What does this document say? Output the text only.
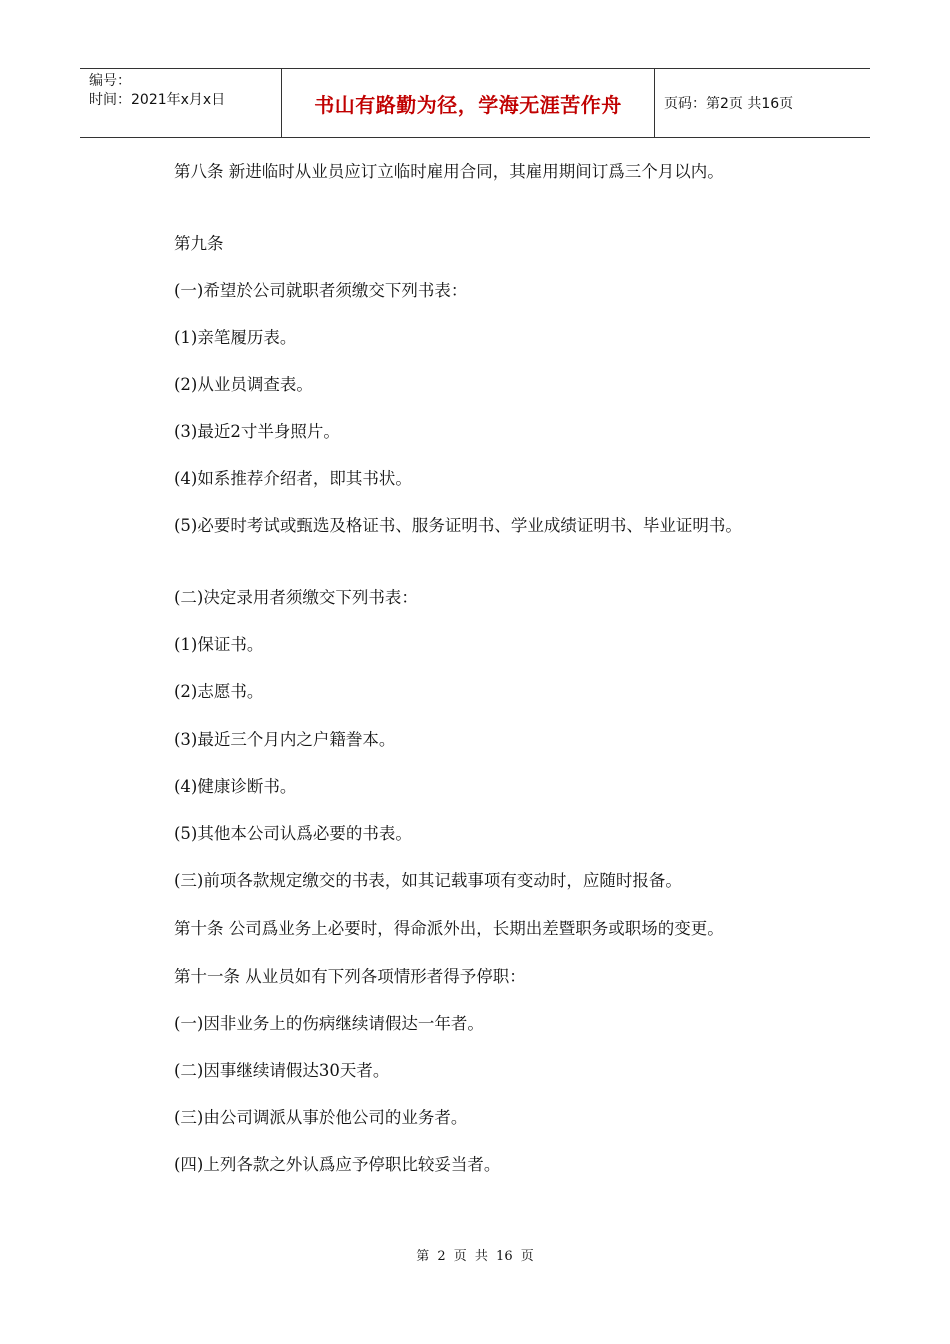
编号：
时间：2021年x月x日	书山有路勤为径，学海无涯苦作舟	页码：第2页 共16页

第八条 新进临时从业员应订立临时雇用合同，其雇用期间订爲三个月以内。

第九条

(一)希望於公司就职者须缴交下列书表：

(1)亲笔履历表。

(2)从业员调查表。

(3)最近2寸半身照片。

(4)如系推荐介绍者，即其书状。

(5)必要时考试或甄选及格证书、服务证明书、学业成绩证明书、毕业证明书。

(二)决定录用者须缴交下列书表：

(1)保证书。

(2)志愿书。

(3)最近三个月内之户籍誊本。

(4)健康诊断书。

(5)其他本公司认爲必要的书表。

(三)前项各款规定缴交的书表，如其记载事项有变动时，应随时报备。

第十条 公司爲业务上必要时，得命派外出，长期出差暨职务或职场的变更。

第十一条 从业员如有下列各项情形者得予停职：

(一)因非业务上的伤病继续请假达一年者。

(二)因事继续请假达30天者。

(三)由公司调派从事於他公司的业务者。

(四)上列各款之外认爲应予停职比较妥当者。

第 2 页 共 16 页
